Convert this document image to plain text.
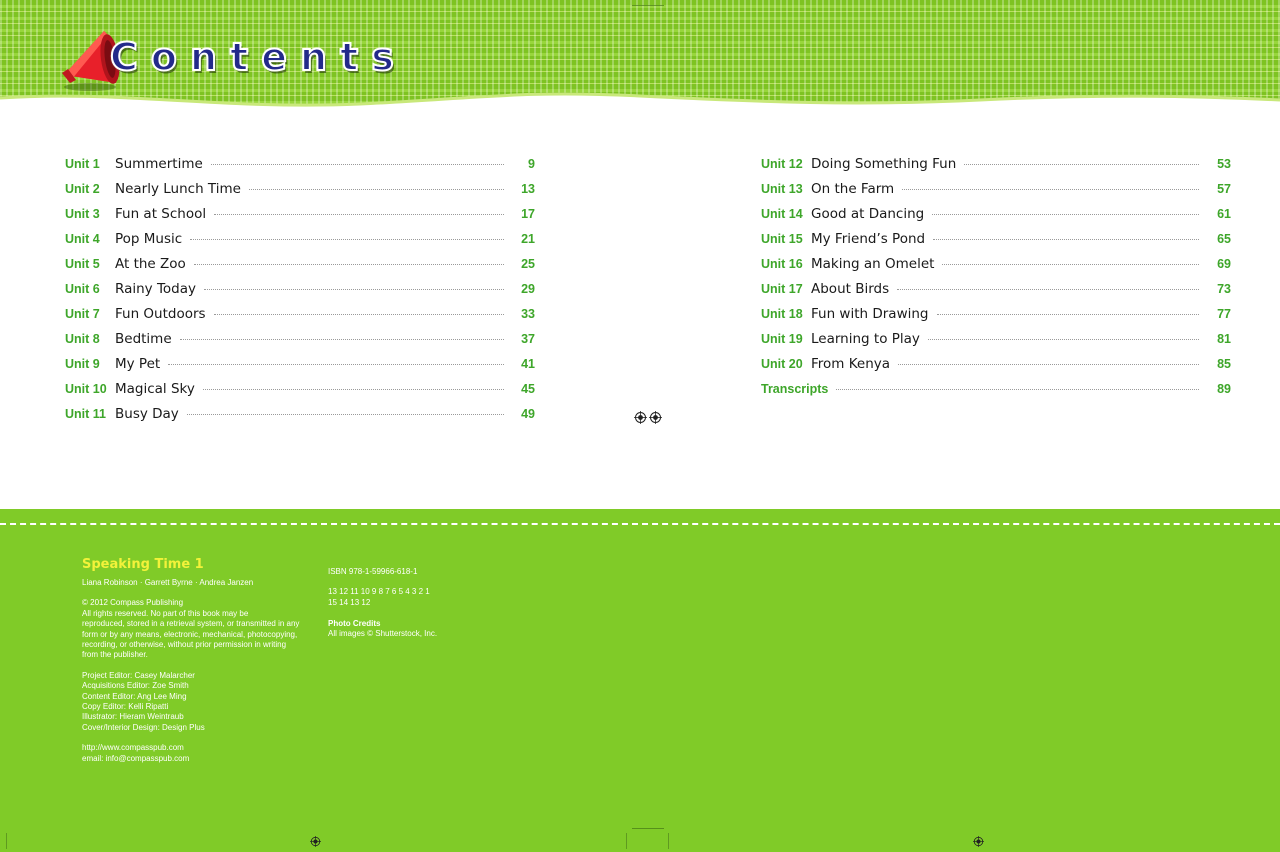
Contents
Unit 1	Summertime	9
Unit 2	Nearly Lunch Time	13
Unit 3	Fun at School	17
Unit 4	Pop Music	21
Unit 5	At the Zoo	25
Unit 6	Rainy Today	29
Unit 7	Fun Outdoors	33
Unit 8	Bedtime	37
Unit 9	My Pet	41
Unit 10 Magical Sky	45
Unit 11 Busy Day	49
Unit 12 Doing Something Fun	53
Unit 13 On the Farm	57
Unit 14 Good at Dancing	61
Unit 15 My Friend’s Pond	65
Unit 16 Making an Omelet	69
Unit 17 About Birds	73
Unit 18 Fun with Drawing	77
Unit 19 Learning to Play	81
Unit 20 From Kenya	85
Transcripts	89
Speaking Time 1
Liana Robinson · Garrett Byrne · Andrea Janzen
© 2012 Compass Publishing
All rights reserved. No part of this book may be
reproduced, stored in a retrieval system, or transmitted in any
form or by any means, electronic, mechanical, photocopying,
recording, or otherwise, without prior permission in writing
from the publisher.
Project Editor: Casey Malarcher
Acquisitions Editor: Zoe Smith
Content Editor: Ang Lee Ming
Copy Editor: Kelli Ripatti
Illustrator: Hieram Weintraub
Cover/Interior Design: Design Plus
http://www.compasspub.com
email: info@compasspub.com
ISBN 978-1-59966-618-1
13 12 11 10 9 8 7 6 5 4 3 2 1
15 14 13 12
Photo Credits
All images © Shutterstock, Inc.
